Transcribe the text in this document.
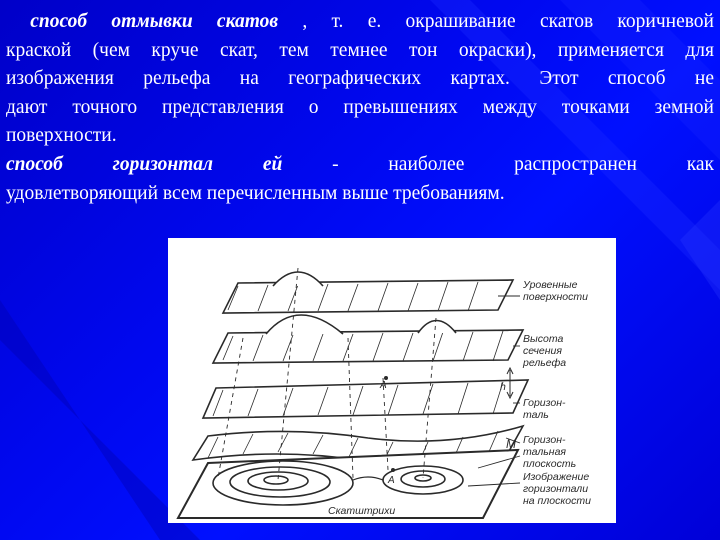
способ отмывки скатов , т. е. окрашивание скатов коричневой
краской (чем круче скат, тем темнее тон окраски), применяется для
изображения рельефа на географических картах. Этот способ не
дают точного представления о превышениях между точками земной
поверхности.
способ	горизонтал	ей	- наиболее распространен как
удовлетворяющий всем перечисленным выше требованиям.
Уровенные
поверхности
Высота
сечения
рельефа
h
Горизон-
таль
M Горизон-
тальная
плоскость
Изображение
горизонтали
на плоскости
Скатштрихи
A
A
